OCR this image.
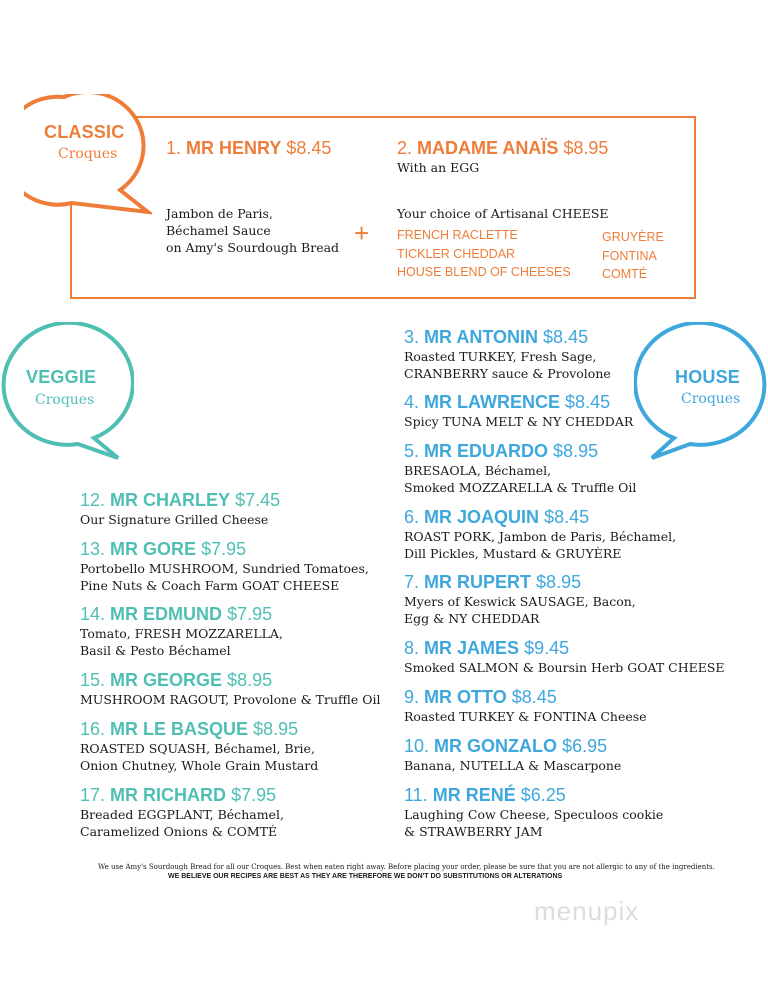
CLASSIC
Croques	1. MR HENRY $8.45
Jambon de Paris,
Béchamel Sauce
on Amy's Sourdough Bread +
2. MADAME ANAÏS $8.95
With an EGG
Your choice of Artisanal CHEESE
FRENCH RACLETTE
TICKLER CHEDDAR
HOUSE BLEND OF CHEESES
GRUYÈRE
FONTINA
COMTÉ
VEGGIE
Croques
HOUSE
Croques
12. MR CHARLEY $7.45
Our Signature Grilled Cheese
13. MR GORE $7.95
Portobello MUSHROOM, Sundried Tomatoes,
Pine Nuts & Coach Farm GOAT CHEESE
14. MR EDMUND $7.95
Tomato, FRESH MOZZARELLA,
Basil & Pesto Béchamel
15. MR GEORGE $8.95
MUSHROOM RAGOUT, Provolone & Truffle Oil
16. MR LE BASQUE $8.95
ROASTED SQUASH, Béchamel, Brie,
Onion Chutney, Whole Grain Mustard
17. MR RICHARD $7.95
Breaded EGGPLANT, Béchamel,
Caramelized Onions & COMTÉ
3. MR ANTONIN $8.45
Roasted TURKEY, Fresh Sage,
CRANBERRY sauce & Provolone
4. MR LAWRENCE $8.45
Spicy TUNA MELT & NY CHEDDAR
5. MR EDUARDO $8.95
BRESAOLA, Béchamel,
Smoked MOZZARELLA & Truffle Oil
6. MR JOAQUIN $8.45
ROAST PORK, Jambon de Paris, Béchamel,
Dill Pickles, Mustard & GRUYÈRE
7. MR RUPERT $8.95
Myers of Keswick SAUSAGE, Bacon,
Egg & NY CHEDDAR
8. MR JAMES $9.45
Smoked SALMON & Boursin Herb GOAT CHEESE
9. MR OTTO $8.45
Roasted TURKEY & FONTINA Cheese
10. MR GONZALO $6.95
Banana, NUTELLA & Mascarpone
11. MR RENÉ $6.25
Laughing Cow Cheese, Speculoos cookie
& STRAWBERRY JAM
We use Amy's Sourdough Bread for all our Croques. Best when eaten right away. Before placing your order, please be sure that you are not allergic to any of the ingredients.
WE BELIEVE OUR RECIPES ARE BEST AS THEY ARE THEREFORE WE DON'T DO SUBSTITUTIONS OR ALTERATIONS
menupix
